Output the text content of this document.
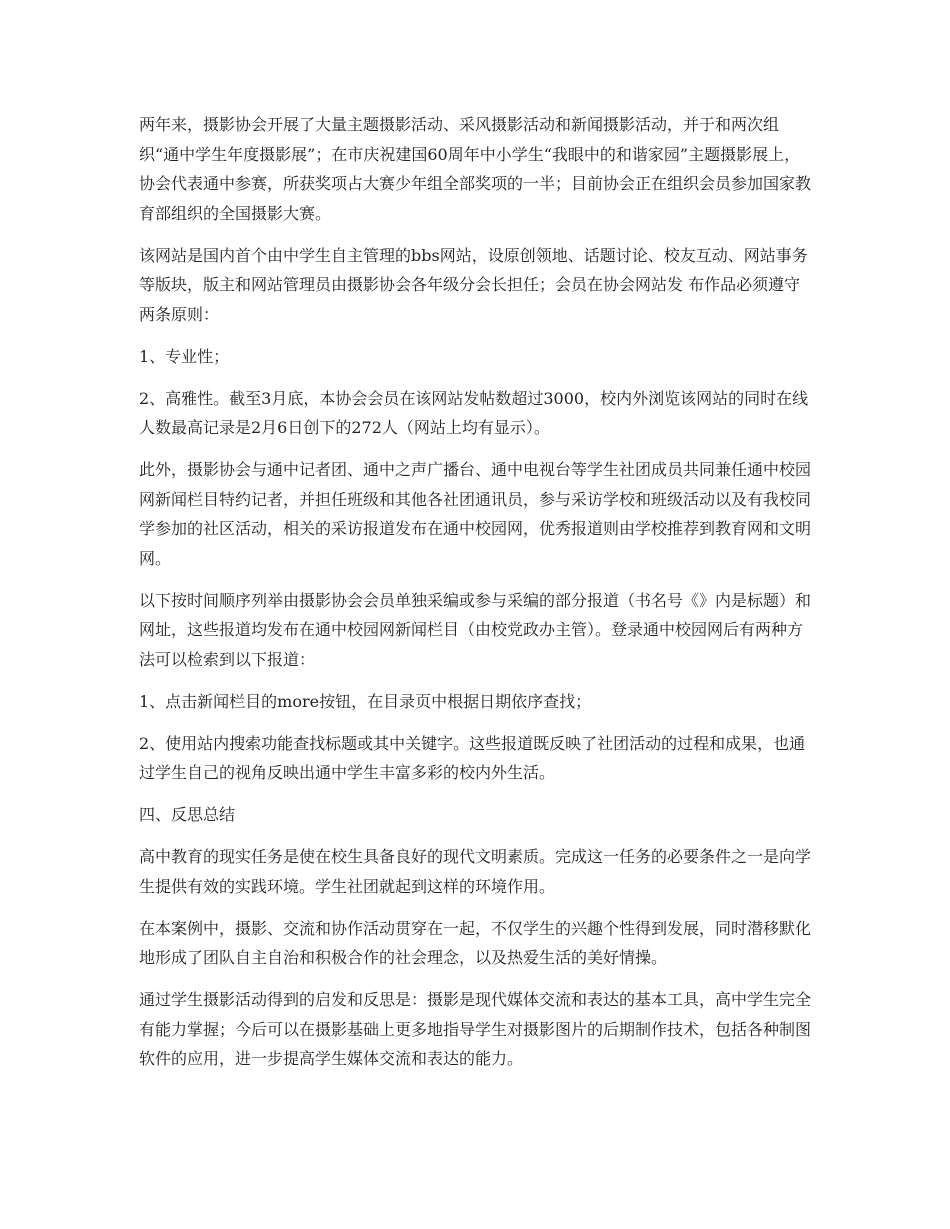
两年来，摄影协会开展了大量主题摄影活动、采风摄影活动和新闻摄影活动，并于和两次组织“通中学生年度摄影展”；在市庆祝建国60周年中小学生“我眼中的和谐家园”主题摄影展上，协会代表通中参赛，所获奖项占大赛少年组全部奖项的一半；目前协会正在组织会员参加国家教育部组织的全国摄影大赛。

该网站是国内首个由中学生自主管理的bbs网站，设原创领地、话题讨论、校友互动、网站事务等版块，版主和网站管理员由摄影协会各年级分会长担任；会员在协会网站发 布作品必须遵守两条原则：

1、专业性；

2、高雅性。截至3月底，本协会会员在该网站发帖数超过3000，校内外浏览该网站的同时在线人数最高记录是2月6日创下的272人（网站上均有显示）。

此外，摄影协会与通中记者团、通中之声广播台、通中电视台等学生社团成员共同兼任通中校园网新闻栏目特约记者，并担任班级和其他各社团通讯员，参与采访学校和班级活动以及有我校同学参加的社区活动，相关的采访报道发布在通中校园网，优秀报道则由学校推荐到教育网和文明网。

以下按时间顺序列举由摄影协会会员单独采编或参与采编的部分报道（书名号《》内是标题）和网址，这些报道均发布在通中校园网新闻栏目（由校党政办主管）。登录通中校园网后有两种方法可以检索到以下报道：

1、点击新闻栏目的more按钮，在目录页中根据日期依序查找；

2、使用站内搜索功能查找标题或其中关键字。这些报道既反映了社团活动的过程和成果，也通过学生自己的视角反映出通中学生丰富多彩的校内外生活。

四、反思总结

高中教育的现实任务是使在校生具备良好的现代文明素质。完成这一任务的必要条件之一是向学生提供有效的实践环境。学生社团就起到这样的环境作用。

在本案例中，摄影、交流和协作活动贯穿在一起，不仅学生的兴趣个性得到发展，同时潜移默化地形成了团队自主自治和积极合作的社会理念，以及热爱生活的美好情操。

通过学生摄影活动得到的启发和反思是：摄影是现代媒体交流和表达的基本工具，高中学生完全有能力掌握；今后可以在摄影基础上更多地指导学生对摄影图片的后期制作技术，包括各种制图软件的应用，进一步提高学生媒体交流和表达的能力。
